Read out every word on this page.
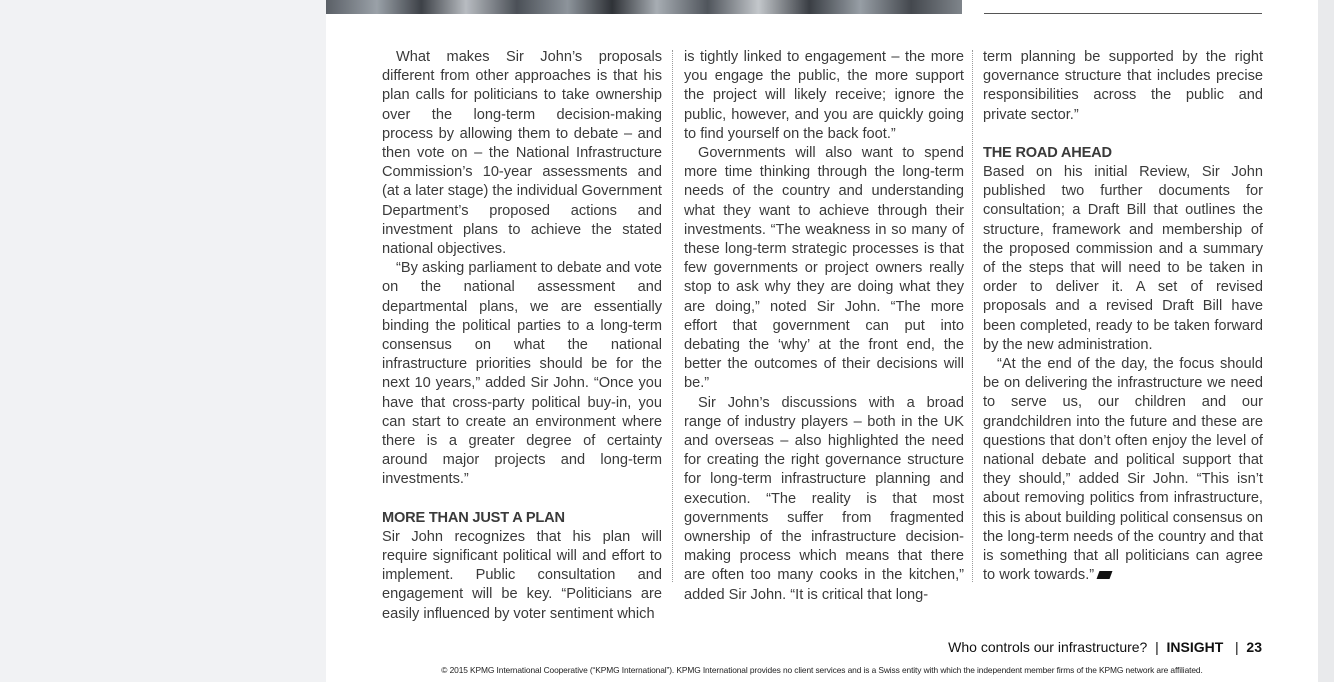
What makes Sir John’s proposals different from other approaches is that his plan calls for politicians to take ownership over the long-term decision-making process by allowing them to debate – and then vote on – the National Infrastructure Commission’s 10-year assessments and (at a later stage) the individual Government Department’s proposed actions and investment plans to achieve the stated national objectives.

“By asking parliament to debate and vote on the national assessment and departmental plans, we are essentially binding the political parties to a long-term consensus on what the national infrastructure priorities should be for the next 10 years,” added Sir John. “Once you have that cross-party political buy-in, you can start to create an environment where there is a greater degree of certainty around major projects and long-term investments.”

MORE THAN JUST A PLAN

Sir John recognizes that his plan will require significant political will and effort to implement. Public consultation and engagement will be key. “Politicians are easily influenced by voter sentiment which

is tightly linked to engagement – the more you engage the public, the more support the project will likely receive; ignore the public, however, and you are quickly going to find yourself on the back foot.”

Governments will also want to spend more time thinking through the long-term needs of the country and understanding what they want to achieve through their investments. “The weakness in so many of these long-term strategic processes is that few governments or project owners really stop to ask why they are doing what they are doing,” noted Sir John. “The more effort that government can put into debating the ‘why’ at the front end, the better the outcomes of their decisions will be.”

Sir John’s discussions with a broad range of industry players – both in the UK and overseas – also highlighted the need for creating the right governance structure for long-term infrastructure planning and execution. “The reality is that most governments suffer from fragmented ownership of the infrastructure decision-making process which means that there are often too many cooks in the kitchen,” added Sir John. “It is critical that long-

term planning be supported by the right governance structure that includes precise responsibilities across the public and private sector.”

THE ROAD AHEAD

Based on his initial Review, Sir John published two further documents for consultation; a Draft Bill that outlines the structure, framework and membership of the proposed commission and a summary of the steps that will need to be taken in order to deliver it. A set of revised proposals and a revised Draft Bill have been completed, ready to be taken forward by the new administration.

“At the end of the day, the focus should be on delivering the infrastructure we need to serve us, our children and our grandchildren into the future and these are questions that don’t often enjoy the level of national debate and political support that they should,” added Sir John. “This isn’t about removing politics from infrastructure, this is about building political consensus on the long-term needs of the country and that is something that all politicians can agree to work towards.”

Who controls our infrastructure?  |  INSIGHT   |  23
© 2015 KPMG International Cooperative (“KPMG International”). KPMG International provides no client services and is a Swiss entity with which the independent member firms of the KPMG network are affiliated.
